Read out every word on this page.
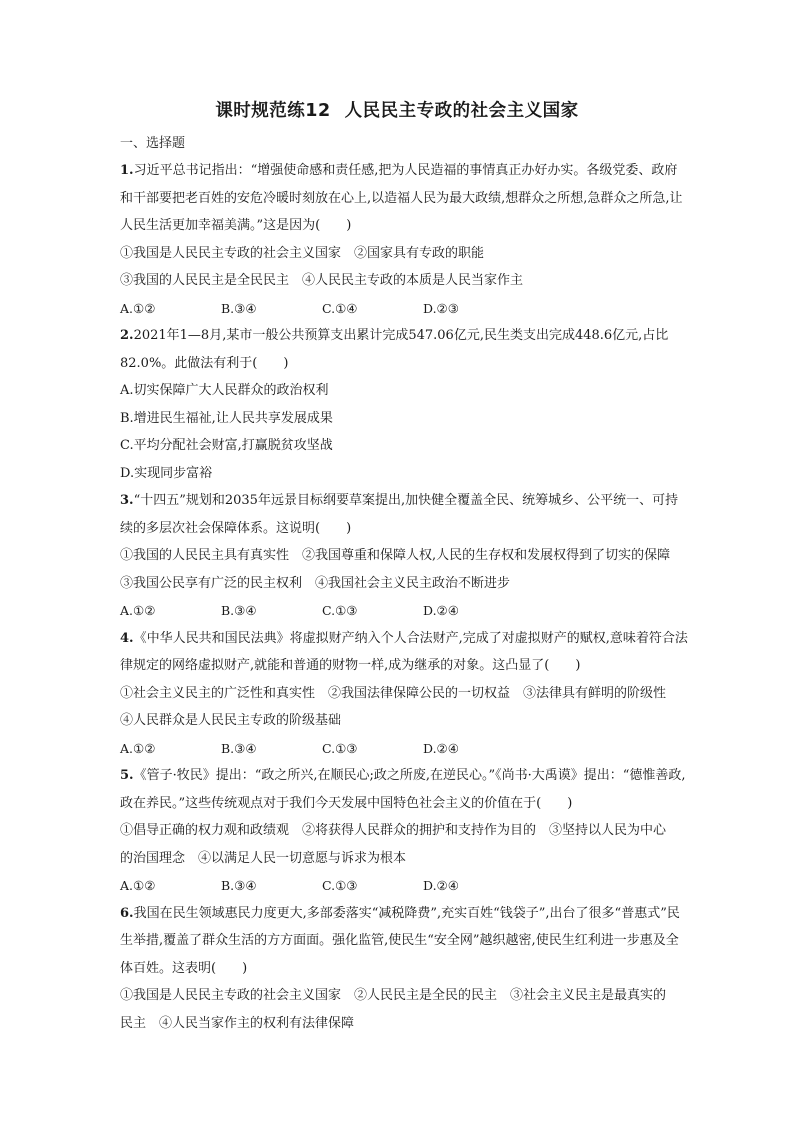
课时规范练12 人民民主专政的社会主义国家
一、选择题
1.习近平总书记指出：“增强使命感和责任感,把为人民造福的事情真正办好办实。各级党委、政府和干部要把老百姓的安危冷暖时刻放在心上,以造福人民为最大政绩,想群众之所想,急群众之所急,让人民生活更加幸福美满。”这是因为(　　)
①我国是人民民主专政的社会主义国家　②国家具有专政的职能
③我国的人民民主是全民民主　④人民民主专政的本质是人民当家作主
A.①②	B.③④	C.①④	D.②③
2.2021年1—8月,某市一般公共预算支出累计完成547.06亿元,民生类支出完成448.6亿元,占比82.0%。此做法有利于(　　)
A.切实保障广大人民群众的政治权利
B.增进民生福祉,让人民共享发展成果
C.平均分配社会财富,打赢脱贫攻坚战
D.实现同步富裕
3.“十四五”规划和2035年远景目标纲要草案提出,加快健全覆盖全民、统筹城乡、公平统一、可持续的多层次社会保障体系。这说明(　　)
①我国的人民民主具有真实性　②我国尊重和保障人权,人民的生存权和发展权得到了切实的保障
③我国公民享有广泛的民主权利　④我国社会主义民主政治不断进步
A.①②	B.③④	C.①③	D.②④
4.《中华人民共和国民法典》将虚拟财产纳入个人合法财产,完成了对虚拟财产的赋权,意味着符合法律规定的网络虚拟财产,就能和普通的财物一样,成为继承的对象。这凸显了(　　)
①社会主义民主的广泛性和真实性　②我国法律保障公民的一切权益　③法律具有鲜明的阶级性
④人民群众是人民民主专政的阶级基础
A.①②	B.③④	C.①③	D.②④
5.《管子·牧民》提出：“政之所兴,在顺民心;政之所废,在逆民心。”《尚书·大禹谟》提出：“德惟善政,政在养民。”这些传统观点对于我们今天发展中国特色社会主义的价值在于(　　)
①倡导正确的权力观和政绩观　②将获得人民群众的拥护和支持作为目的　③坚持以人民为中心
的治国理念　④以满足人民一切意愿与诉求为根本
A.①②	B.③④	C.①③	D.②④
6.我国在民生领域惠民力度更大,多部委落实“减税降费”,充实百姓“钱袋子”,出台了很多“普惠式”民生举措,覆盖了群众生活的方方面面。强化监管,使民生“安全网”越织越密,使民生红利进一步惠及全体百姓。这表明(　　)
①我国是人民民主专政的社会主义国家　②人民民主是全民的民主　③社会主义民主是最真实的
民主　④人民当家作主的权利有法律保障
